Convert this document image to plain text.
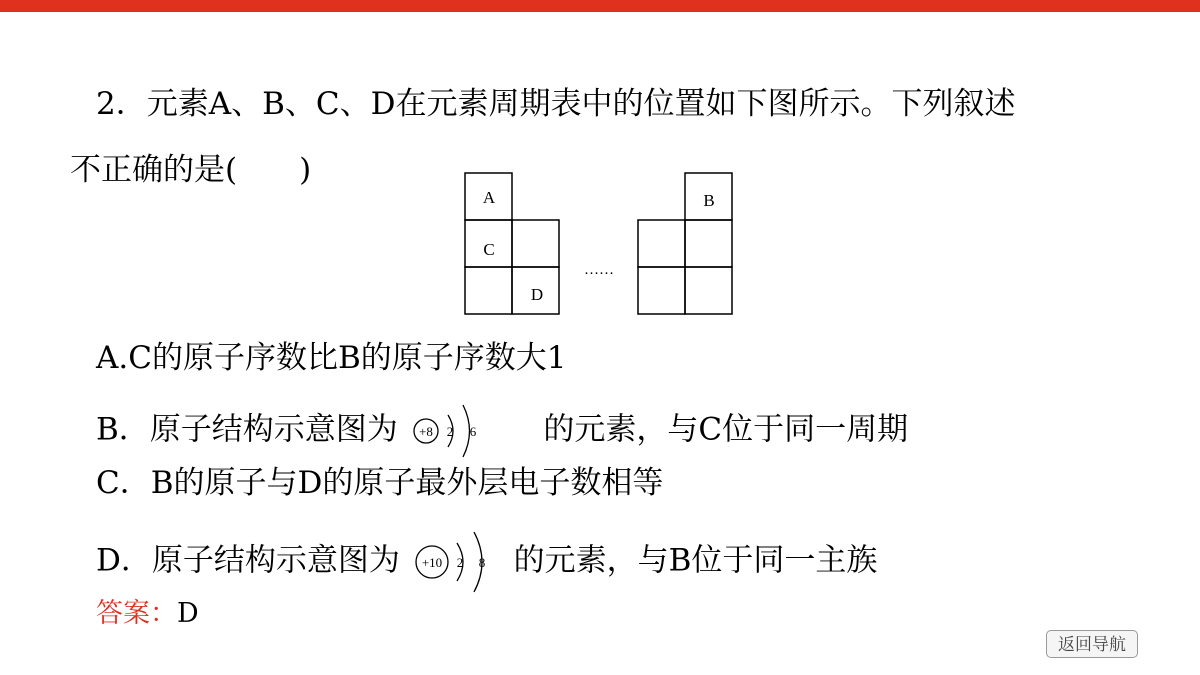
2．元素A、B、C、D在元素周期表中的位置如下图所示。下列叙述
不正确的是(　　)
A
C
D
B
……
A.C的原子序数比B的原子序数大1
B．原子结构示意图为 +8 2 6 的元素，与C位于同一周期
C．B的原子与D的原子最外层电子数相等
D．原子结构示意图为 +10 2 8 的元素，与B位于同一主族
答案：D
返回导航
